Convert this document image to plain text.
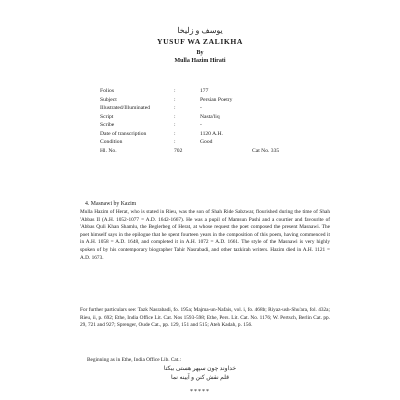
یوسف و زلیخا
YUSUF WA ZALIKHA
By
Mulla Hazim Hirati
Folios	:	177
Subject	:	Persian Poetry
Illustrated/Illuminated	:	-
Script	:	Nasta'liq
Scribe	:	-
Date of transcription	:	1120 A.H.
Condition	:	Good
Hl. No.	702	Cat No. 335
4. Masnawi by Kazim
Mulla Hazim of Herat, who is stated in Rieu, was the son of Shah Ride Sabzwar, flourished during the time of Shah 'Abbas II (A.H. 1052-1077 = A.D. 1642-1667). He was a pupil of Mamsun Pashi and a courtier and favourite of 'Abbas Quli Khan Shamlu, the Beglerbeg of Herat, at whose request the poet composed the present Masnawi. The poet himself says in the epilogue that he spent fourteen years in the composition of this poem, having commenced it in A.H. 1058 = A.D. 1648, and completed it in A.H. 1072 = A.D. 1661. The style of the Masnawi is very highly spoken of by his contemporary biographer Tahir Nasrabadi, and other tazkirah writers. Hazim died in A.H. 1121 = A.D. 1673.
For further particulars see: Tazk Nasrabadi, fo. 195a; Majma-un-Nafais, vol. i, fo. 468b; Riyaz-ush-Shu'ara, fol. 432a; Rieu, ii, p. 692; Ethe, India Office Lit. Cat. Nos 1593-598; Ethe, Pers. Lit. Cat. No. 1176; W. Pertsch, Berlin Cat. pp. 29, 721 and 927; Sprenger, Oude Cat., pp. 129, 151 and 515; Ateh Kadah, p. 156.
Beginning as in Ethe, India Office Lib. Cat.:
خداوند چون سپهر هستی بیکتا
قلم نقش کنن و آیینه نما
*****
